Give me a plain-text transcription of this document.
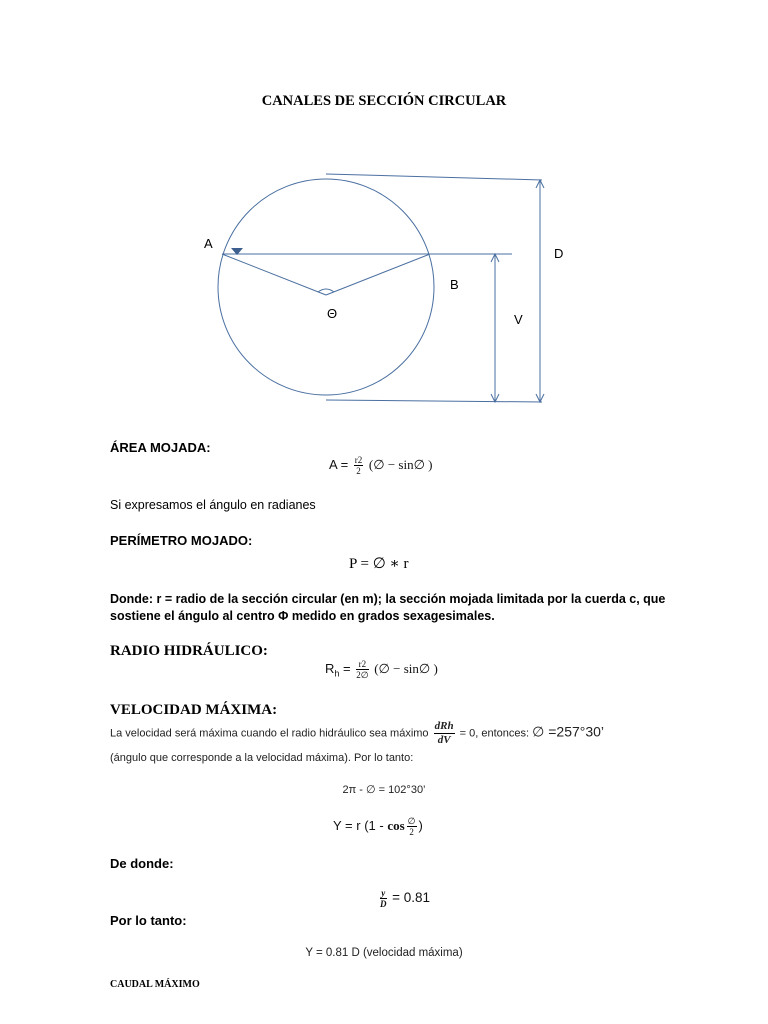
CANALES DE SECCIÓN CIRCULAR
A
B
Θ
D
V
ÁREA MOJADA:
$A = \frac{r2}{2}$ (∅ − sin∅ )
Si expresamos el ángulo en radianes
PERÍMETRO MOJADO:
P = ∅ ∗ r
Donde: r = radio de la sección circular (en m); la sección mojada limitada por la cuerda c, que sostiene el ángulo al centro Φ medido en grados sexagesimales.
RADIO HIDRÁULICO:
$R_h = \frac{r2}{2\emptyset}$ (∅ − sin∅ )
VELOCIDAD MÁXIMA:
La velocidad será máxima cuando el radio hidráulico sea máximo $\frac{\text{dRh}}{dV} = 0$, entonces: ∅ =257°30’
(ángulo que corresponde a la velocidad máxima). Por lo tanto:
2π - ∅ = 102°30’
Y = r ($1 - \cos \frac{\emptyset}{2}$ )
De donde:
$\frac{y}{D} = 0.81$
Por lo tanto:
Y = 0.81 D (velocidad máxima)
CAUDAL MÁXIMO
